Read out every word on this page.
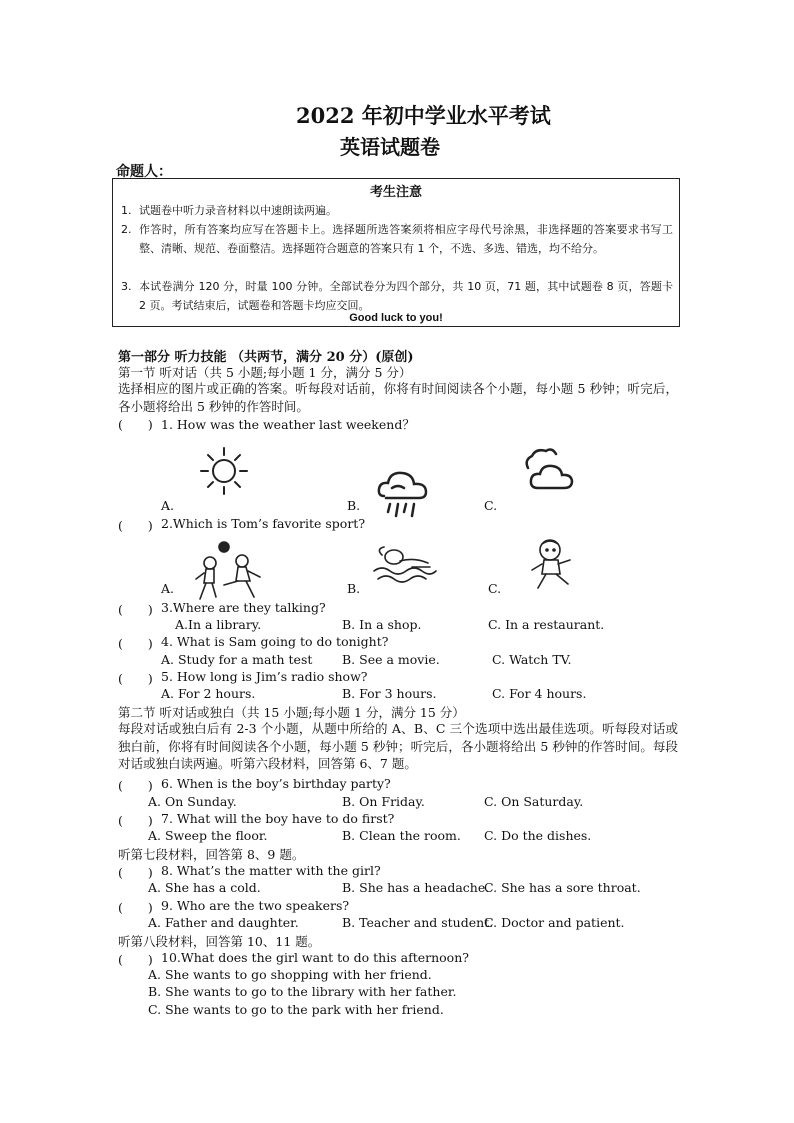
2022 年初中学业水平考试
英语试题卷
命题人：
考生注意
1. 试题卷中听力录音材料以中速朗读两遍。
2. 作答时，所有答案均应写在答题卡上。选择题所选答案须将相应字母代号涂黑，非选择题的答案要求书写工整、清晰、规范、卷面整洁。选择题符合题意的答案只有 1 个，不选、多选、错选，均不给分。
3. 本试卷满分 120 分，时量 100 分钟。全部试卷分为四个部分，共 10 页，71 题，其中试题卷 8 页，答题卡 2 页。考试结束后，试题卷和答题卡均应交回。
Good luck to you!
第一部分 听力技能 （共两节，满分 20 分）(原创)
第一节 听对话（共 5 小题;每小题 1 分，满分 5 分）
选择相应的图片或正确的答案。听每段对话前，你将有时间阅读各个小题，每小题 5 秒钟；听完后，各小题将给出 5 秒钟的作答时间。
(　　) 1. How was the weather last weekend？
A.	B.	C.
(　　) 2.Which is Tom’s favorite sport?
A.	B.	C.
(　　) 3.Where are they talking?
A.In a library.	B. In a shop.	C. In a restaurant.
(　　) 4. What is Sam going to do tonight?
A. Study for a math test B. See a movie.	C. Watch TV.
(　　) 5. How long is Jim’s radio show?
A. For 2 hours.	B. For 3 hours.	C. For 4 hours.
第二节 听对话或独白（共 15 小题;每小题 1 分，满分 15 分）
每段对话或独白后有 2-3 个小题，从题中所给的 A、B、C 三个选项中选出最佳选项。听每段对话或独白前，你将有时间阅读各个小题，每小题 5 秒钟；听完后，各小题将给出 5 秒钟的作答时间。每段对话或独白读两遍。听第六段材料，回答第 6、7 题。
(　　) 6. When is the boy’s birthday party?
A. On Sunday.	B. On Friday.	C. On Saturday.
(　　) 7. What will the boy have to do first?
A. Sweep the floor.	B. Clean the room. C. Do the dishes.
听第七段材料，回答第 8、9 题。
(　　) 8. What’s the matter with the girl?
A. She has a cold.	B. She has a headache.
C. She has a sore throat.
(　　) 9. Who are the two speakers?
A. Father and daughter.	B. Teacher and student.
C. Doctor and patient.
听第八段材料，回答第 10、11 题。
(　　) 10.What does the girl want to do this afternoon?
A. She wants to go shopping with her friend.
B. She wants to go to the library with her father.
C. She wants to go to the park with her friend.
